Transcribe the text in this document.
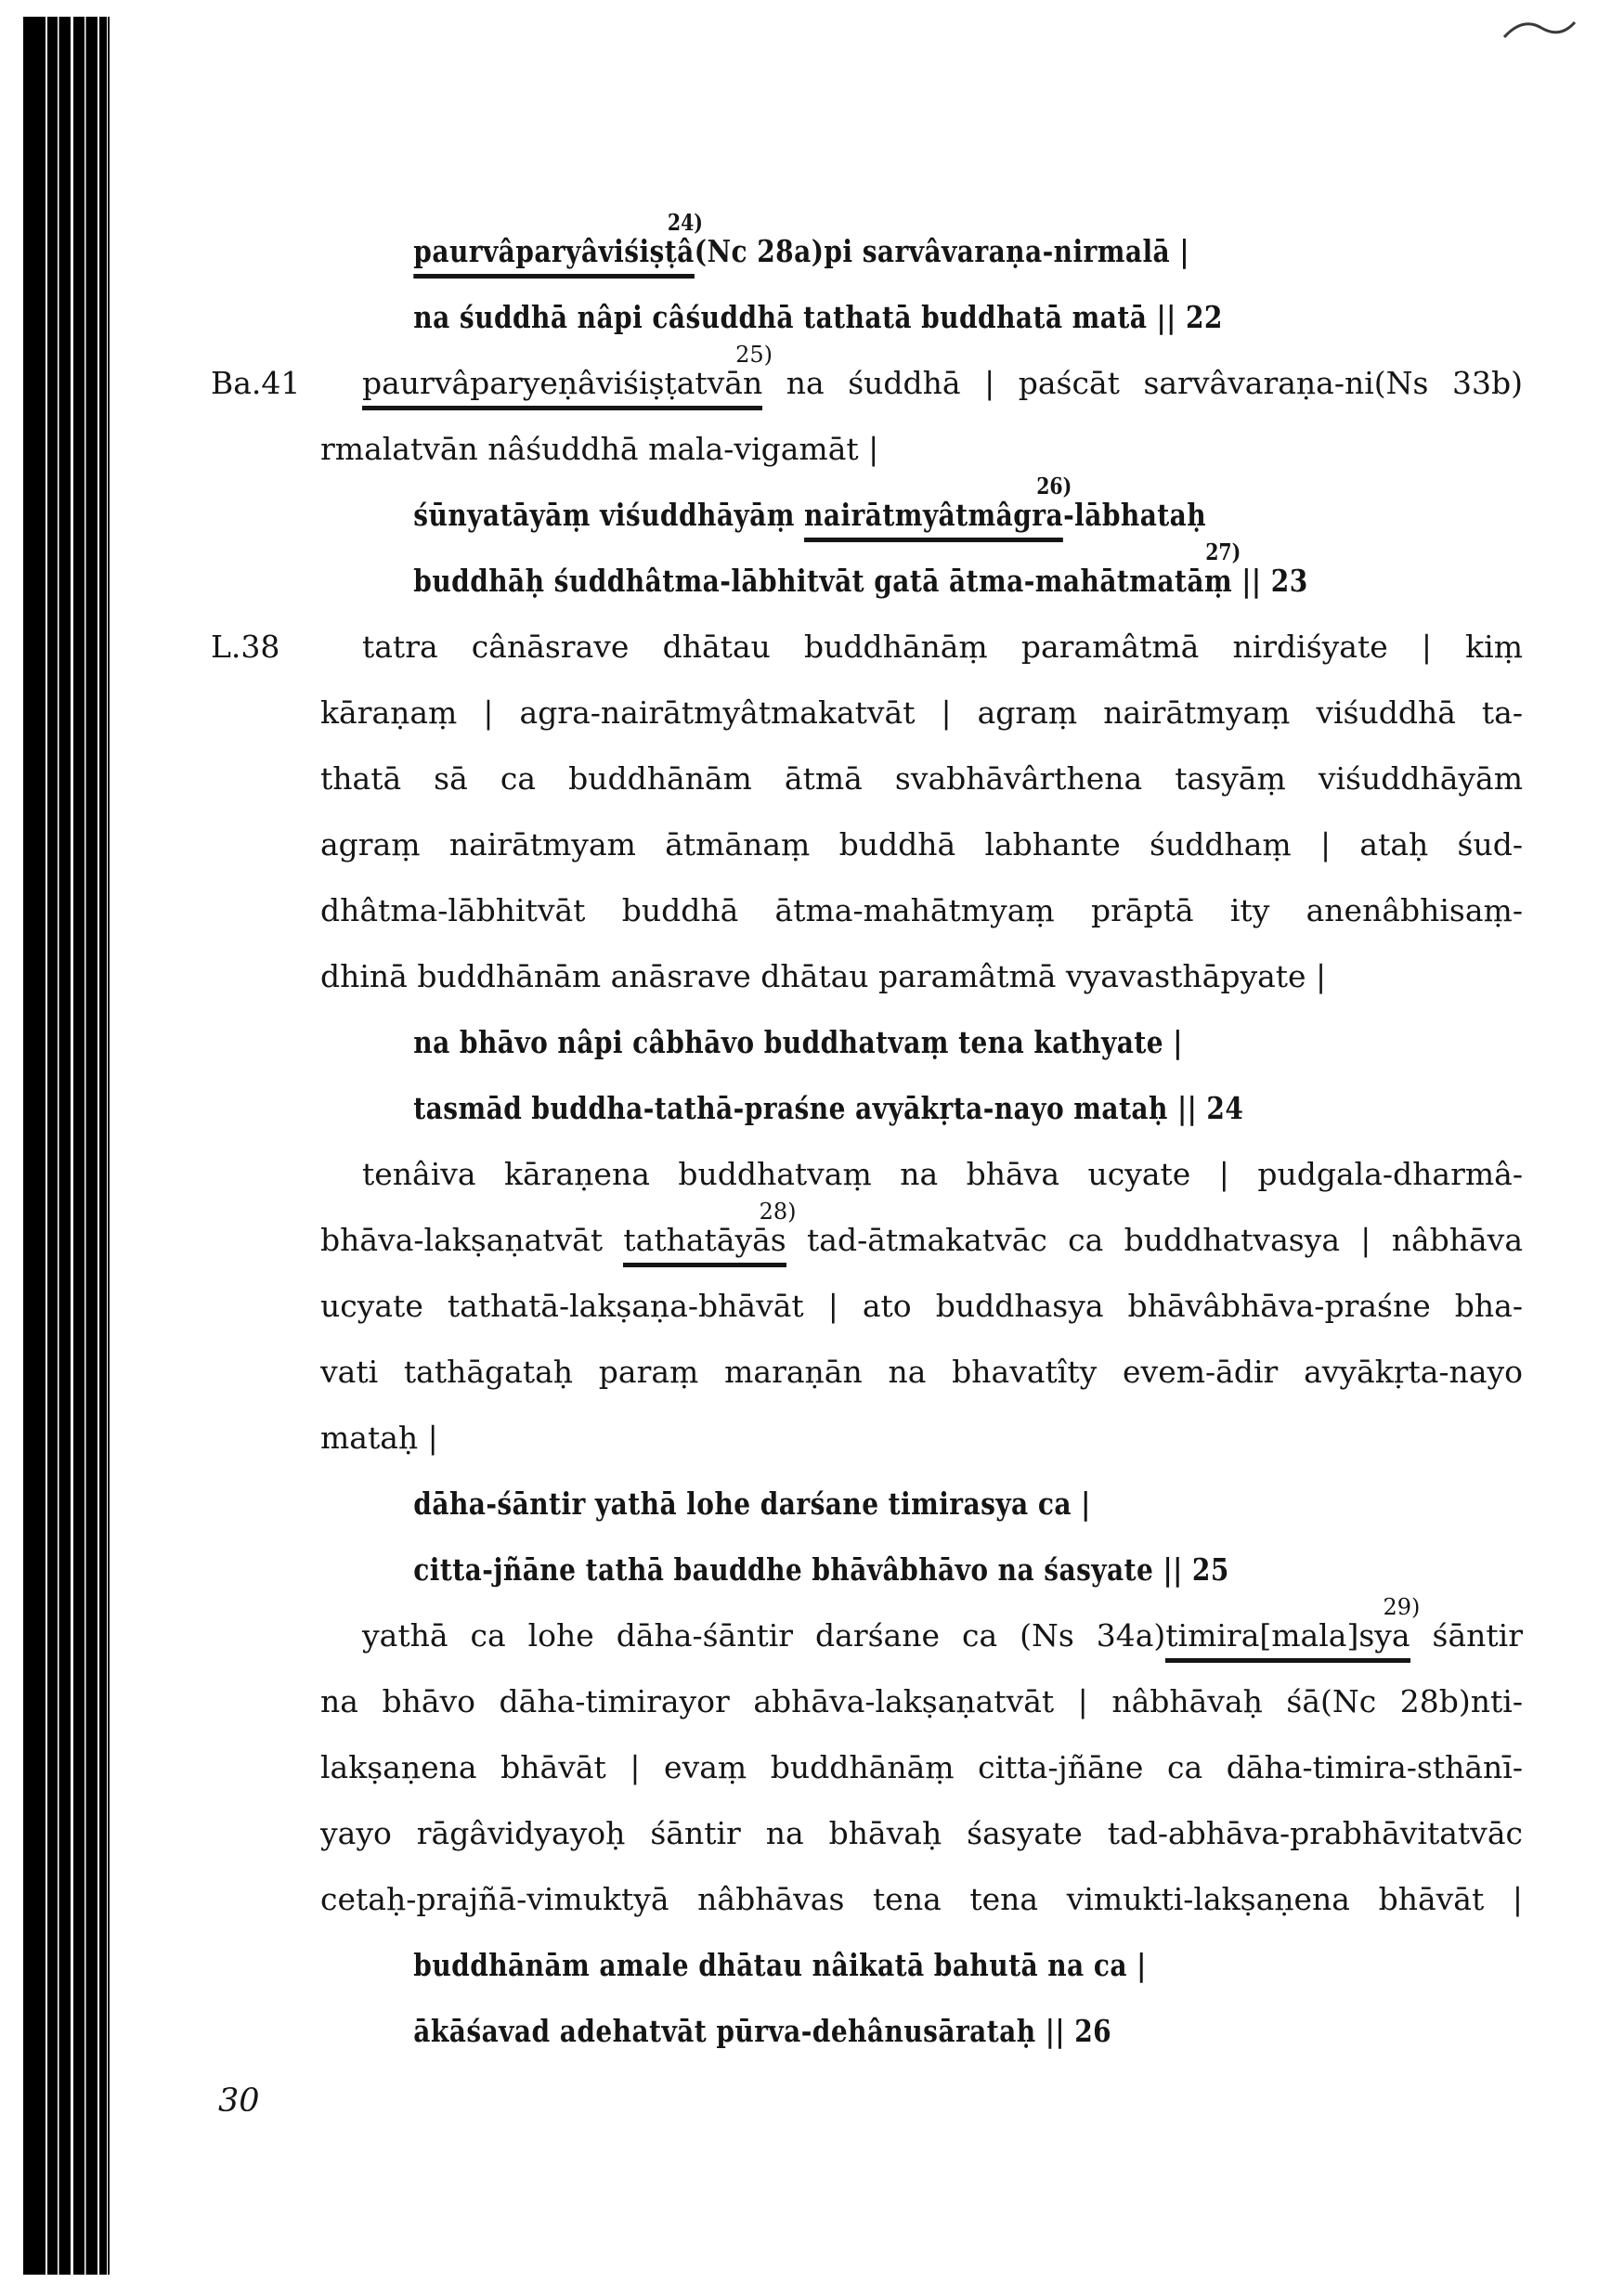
paurvâparyâviśiṣṭâ
24)
(Nc 28a)pi sarvâvaraṇa-nirmalā |
na śuddhā nâpi câśuddhā tathatā buddhatā matā || 22
Ba.41 paurvâparyeṇâviśiṣṭatvān
25)
na śuddhā | paścāt sarvâvaraṇa-ni(Ns 33b)
rmalatvān nâśuddhā mala-vigamāt |
śūnyatāyāṃ viśuddhāyāṃ nairātmyâtmâgra
26)
-lābhataḥ
buddhāḥ śuddhâtma-lābhitvāt gatā ātma-mahātmatāṃ
27)
|| 23
L.38	tatra cânāsrave dhātau buddhānāṃ paramâtmā nirdiśyate | kiṃ
kāraṇaṃ | agra-nairātmyâtmakatvāt | agraṃ nairātmyaṃ viśuddhā ta-
thatā sā ca buddhānām ātmā svabhāvârthena tasyāṃ viśuddhāyām
agraṃ nairātmyam ātmānaṃ buddhā labhante śuddhaṃ | ataḥ śud-
dhâtma-lābhitvāt buddhā ātma-mahātmyaṃ prāptā ity anenâbhisaṃ-
dhinā buddhānām anāsrave dhātau paramâtmā vyavasthāpyate |
na bhāvo nâpi câbhāvo buddhatvaṃ tena kathyate |
tasmād buddha-tathā-praśne avyākṛta-nayo mataḥ || 24
tenâiva kāraṇena buddhatvaṃ na bhāva ucyate | pudgala-dharmâ-
bhāva-lakṣaṇatvāt tathatāyās
28)
tad-ātmakatvāc ca buddhatvasya | nâbhāva
ucyate tathatā-lakṣaṇa-bhāvāt | ato buddhasya bhāvâbhāva-praśne bha-
vati tathāgataḥ paraṃ maraṇān na bhavatîty evem-ādir avyākṛta-nayo
mataḥ |
dāha-śāntir yathā lohe darśane timirasya ca |
citta-jñāne tathā bauddhe bhāvâbhāvo na śasyate || 25
yathā ca lohe dāha-śāntir darśane ca (Ns 34a)timira[mala]sya
29)
śāntir
na bhāvo dāha-timirayor abhāva-lakṣaṇatvāt | nâbhāvaḥ śā(Nc 28b)nti-
lakṣaṇena bhāvāt | evaṃ buddhānāṃ citta-jñāne ca dāha-timira-sthānī-
yayo rāgâvidyayoḥ śāntir na bhāvaḥ śasyate tad-abhāva-prabhāvitatvāc
cetaḥ-prajñā-vimuktyā nâbhāvas tena tena vimukti-lakṣaṇena bhāvāt |
buddhānām amale dhātau nâikatā bahutā na ca |
ākāśavad adehatvāt pūrva-dehânusārataḥ || 26
30
